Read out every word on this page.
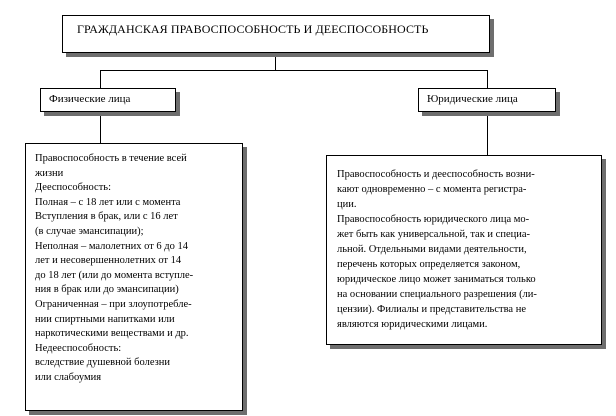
ГРАЖДАНСКАЯ ПРАВОСПОСОБНОСТЬ И ДЕЕСПОСОБНОСТЬ
Физические лица	Юридические лица
Правоспособность в течение всей
жизни
Дееспособность:
Полная – с 18 лет или с момента
Вступления в брак, или с 16 лет
(в случае эмансипации);
Неполная – малолетних от 6 до 14
лет и несовершеннолетних от 14
до 18 лет (или до момента вступле-
ния в брак или до эмансипации)
Ограниченная – при злоупотребле-
нии спиртными напитками или
наркотическими веществами и др.
Недееспособность:
вследствие душевной болезни
или слабоумия
Правоспособность и дееспособность возни-
кают одновременно – с момента регистра-
ции.
Правоспособность юридического лица мо-
жет быть как универсальной, так и специа-
льной. Отдельными видами деятельности,
перечень которых определяется законом,
юридическое лицо может заниматься только
на основании специального разрешения (ли-
цензии). Филиалы и представительства не
являются юридическими лицами.
